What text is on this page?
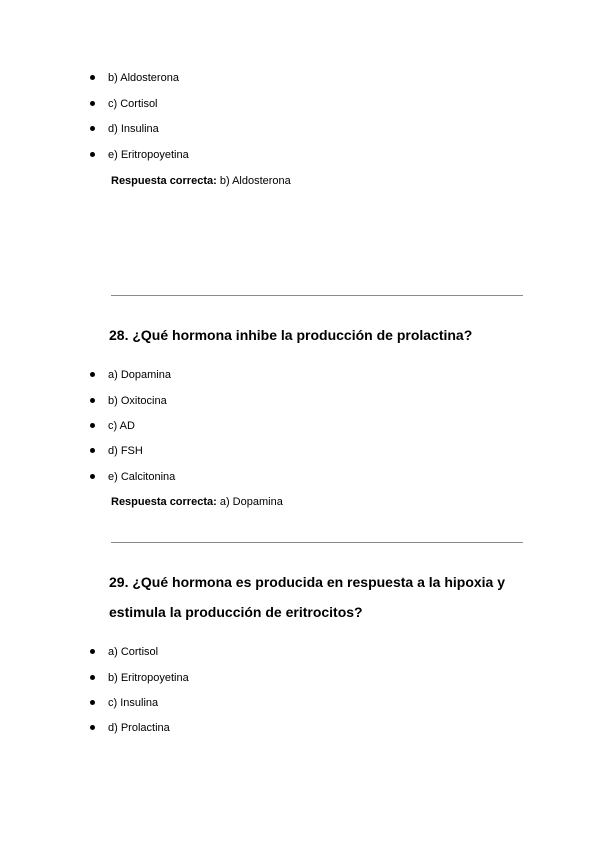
b) Aldosterona
c) Cortisol
d) Insulina
e) Eritropoyetina
Respuesta correcta: b) Aldosterona
28. ¿Qué hormona inhibe la producción de prolactina?
a) Dopamina
b) Oxitocina
c) AD
d) FSH
e) Calcitonina
Respuesta correcta: a) Dopamina
29. ¿Qué hormona es producida en respuesta a la hipoxia y
estimula la producción de eritrocitos?
a) Cortisol
b) Eritropoyetina
c) Insulina
d) Prolactina
